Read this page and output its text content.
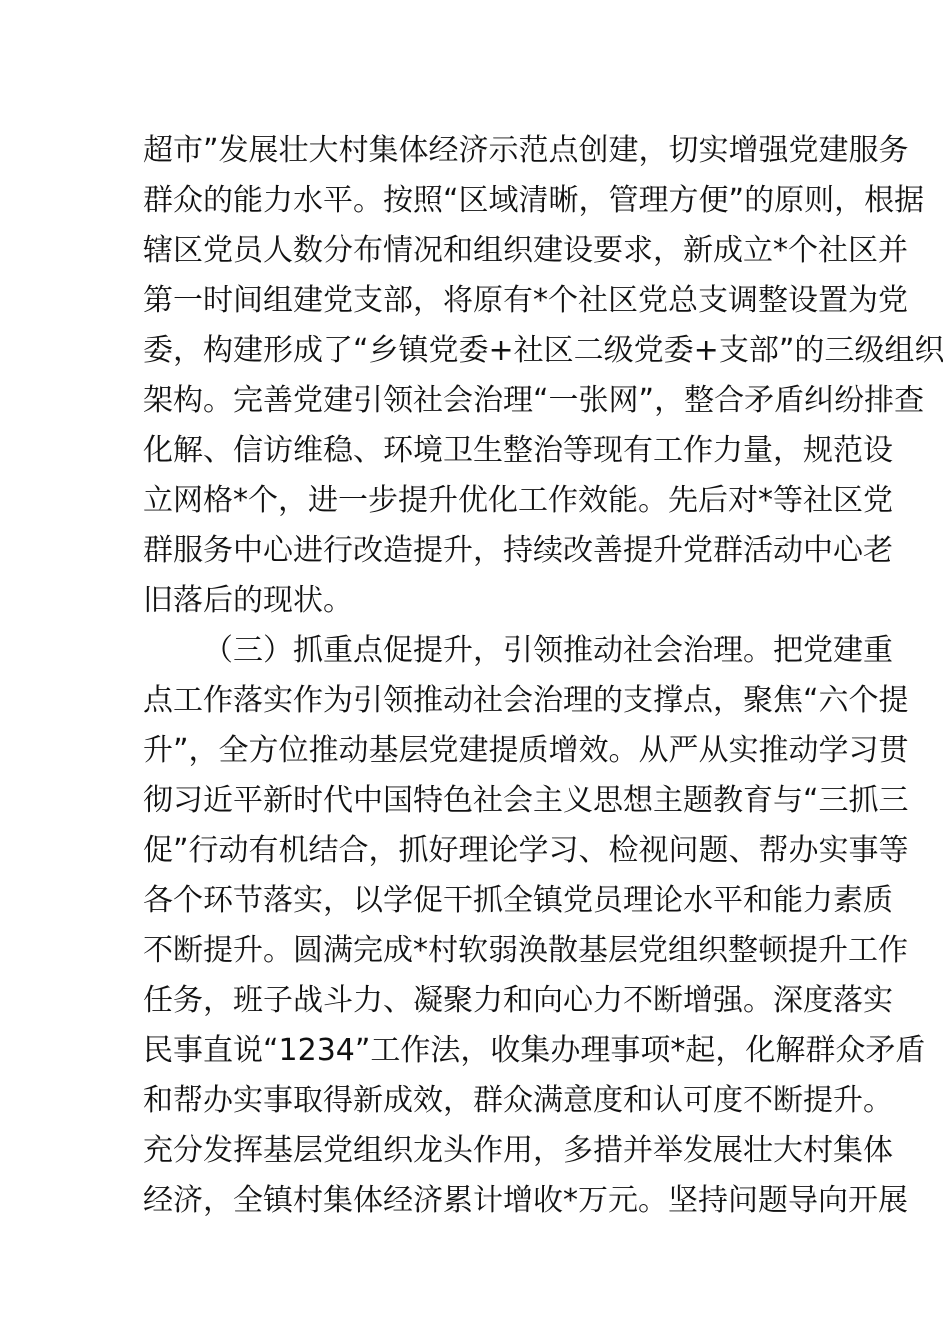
超市”发展壮大村集体经济示范点创建，切实增强党建服务
群众的能力水平。按照“区域清晰，管理方便”的原则，根据
辖区党员人数分布情况和组织建设要求，新成立*个社区并
第一时间组建党支部，将原有*个社区党总支调整设置为党
委，构建形成了“乡镇党委+社区二级党委+支部”的三级组织
架构。完善党建引领社会治理“一张网”，整合矛盾纠纷排查
化解、信访维稳、环境卫生整治等现有工作力量，规范设
立网格*个，进一步提升优化工作效能。先后对*等社区党
群服务中心进行改造提升，持续改善提升党群活动中心老
旧落后的现状。
（三）抓重点促提升，引领推动社会治理。把党建重
点工作落实作为引领推动社会治理的支撑点，聚焦“六个提
升”，全方位推动基层党建提质增效。从严从实推动学习贯
彻习近平新时代中国特色社会主义思想主题教育与“三抓三
促”行动有机结合，抓好理论学习、检视问题、帮办实事等
各个环节落实，以学促干抓全镇党员理论水平和能力素质
不断提升。圆满完成*村软弱涣散基层党组织整顿提升工作
任务，班子战斗力、凝聚力和向心力不断增强。深度落实
民事直说“1234”工作法，收集办理事项*起，化解群众矛盾
和帮办实事取得新成效，群众满意度和认可度不断提升。
充分发挥基层党组织龙头作用，多措并举发展壮大村集体
经济，全镇村集体经济累计增收*万元。坚持问题导向开展
